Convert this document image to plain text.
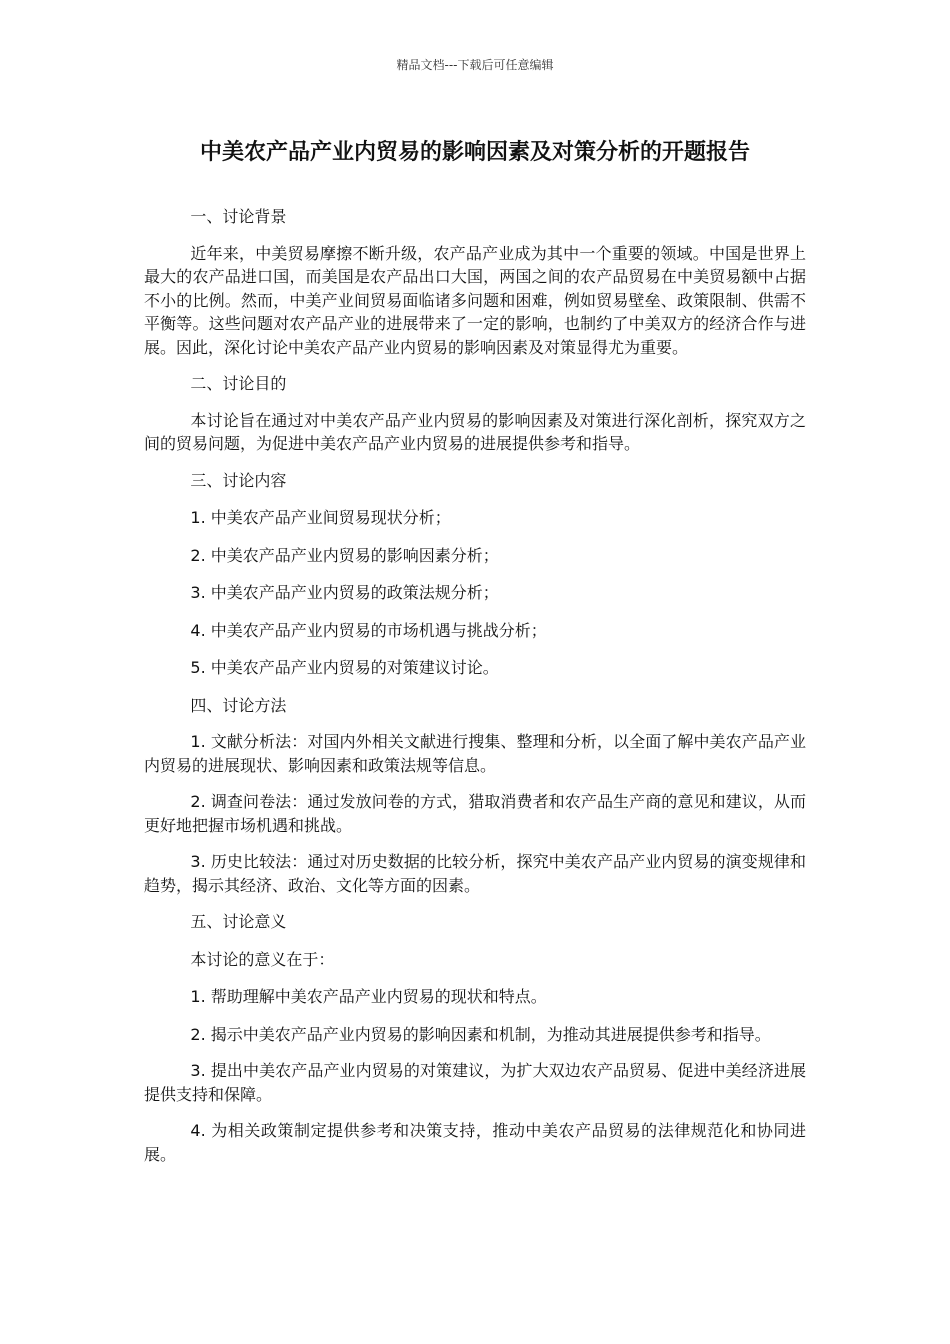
精品文档---下载后可任意编辑
中美农产品产业内贸易的影响因素及对策分析的开题报告

一、讨论背景

近年来，中美贸易摩擦不断升级，农产品产业成为其中一个重要的领域。中国是世界上最大的农产品进口国，而美国是农产品出口大国，两国之间的农产品贸易在中美贸易额中占据不小的比例。然而，中美产业间贸易面临诸多问题和困难，例如贸易壁垒、政策限制、供需不平衡等。这些问题对农产品产业的进展带来了一定的影响，也制约了中美双方的经济合作与进展。因此，深化讨论中美农产品产业内贸易的影响因素及对策显得尤为重要。

二、讨论目的

本讨论旨在通过对中美农产品产业内贸易的影响因素及对策进行深化剖析，探究双方之间的贸易问题，为促进中美农产品产业内贸易的进展提供参考和指导。

三、讨论内容

1. 中美农产品产业间贸易现状分析；

2. 中美农产品产业内贸易的影响因素分析；

3. 中美农产品产业内贸易的政策法规分析；

4. 中美农产品产业内贸易的市场机遇与挑战分析；

5. 中美农产品产业内贸易的对策建议讨论。

四、讨论方法

1. 文献分析法：对国内外相关文献进行搜集、整理和分析，以全面了解中美农产品产业内贸易的进展现状、影响因素和政策法规等信息。

2. 调查问卷法：通过发放问卷的方式，猎取消费者和农产品生产商的意见和建议，从而更好地把握市场机遇和挑战。

3. 历史比较法：通过对历史数据的比较分析，探究中美农产品产业内贸易的演变规律和趋势，揭示其经济、政治、文化等方面的因素。

五、讨论意义

本讨论的意义在于：

1. 帮助理解中美农产品产业内贸易的现状和特点。

2. 揭示中美农产品产业内贸易的影响因素和机制，为推动其进展提供参考和指导。

3. 提出中美农产品产业内贸易的对策建议，为扩大双边农产品贸易、促进中美经济进展提供支持和保障。

4. 为相关政策制定提供参考和决策支持，推动中美农产品贸易的法律规范化和协同进展。
